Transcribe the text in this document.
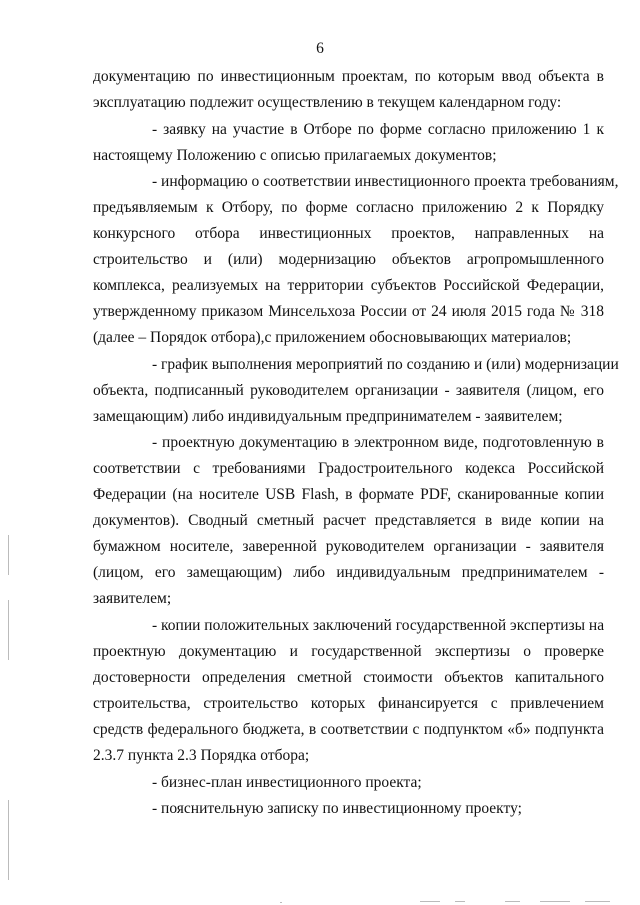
6
документацию по инвестиционным проектам, по которым ввод объекта в
эксплуатацию подлежит осуществлению в текущем календарном году:
- заявку на участие в Отборе по форме согласно приложению 1 к
настоящему Положению с описью прилагаемых документов;
- информацию о соответствии инвестиционного проекта требованиям,
предъявляемым к Отбору, по форме согласно приложению 2 к Порядку
конкурсного отбора инвестиционных проектов, направленных на
строительство и (или) модернизацию объектов агропромышленного
комплекса, реализуемых на территории субъектов Российской Федерации,
утвержденному приказом Минсельхоза России от 24 июля 2015 года № 318
(далее – Порядок отбора),с приложением обосновывающих материалов;
- график выполнения мероприятий по созданию и (или) модернизации
объекта, подписанный руководителем организации - заявителя (лицом, его
замещающим) либо индивидуальным предпринимателем - заявителем;
- проектную документацию в электронном виде, подготовленную в
соответствии с требованиями Градостроительного кодекса Российской
Федерации (на носителе USB Flash, в формате PDF, сканированные копии
документов). Сводный сметный расчет представляется в виде копии на
бумажном носителе, заверенной руководителем организации - заявителя
(лицом, его замещающим) либо индивидуальным предпринимателем -
заявителем;
- копии положительных заключений государственной экспертизы на
проектную документацию и государственной экспертизы о проверке
достоверности определения сметной стоимости объектов капитального
строительства, строительство которых финансируется с привлечением
средств федерального бюджета, в соответствии с подпунктом «б» подпункта
2.3.7 пункта 2.3 Порядка отбора;
- бизнес-план инвестиционного проекта;
- пояснительную записку по инвестиционному проекту;
